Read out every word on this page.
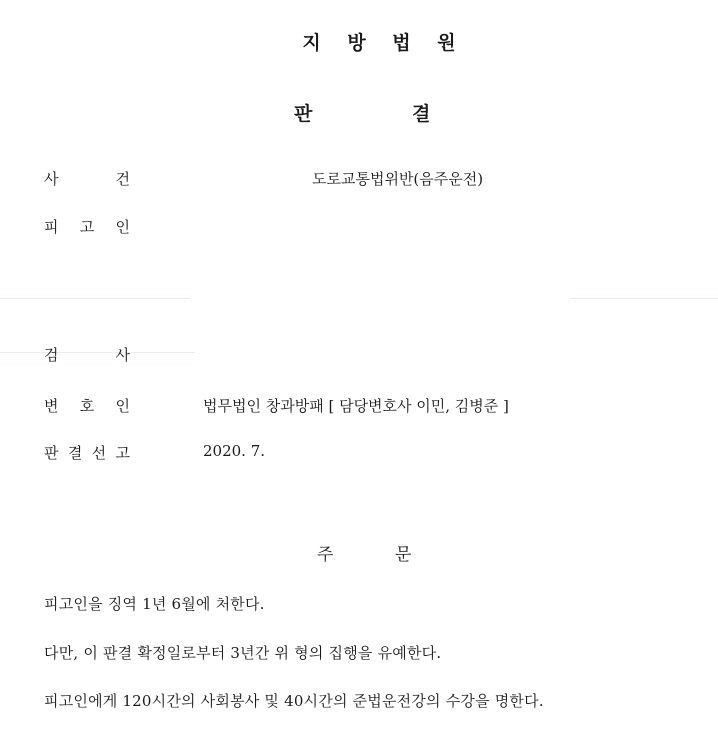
지 방 법 원
판	결
사	건	도로교통법위반(음주운전)
피 고 인
검	사
변 호 인	법무법인 창과방패 [ 담당변호사 이민, 김병준 ]
판 결 선 고	2020. 7.
주	문
피고인을 징역 1년 6월에 처한다.
다만, 이 판결 확정일로부터 3년간 위 형의 집행을 유예한다.
피고인에게 120시간의 사회봉사 및 40시간의 준법운전강의 수강을 명한다.
